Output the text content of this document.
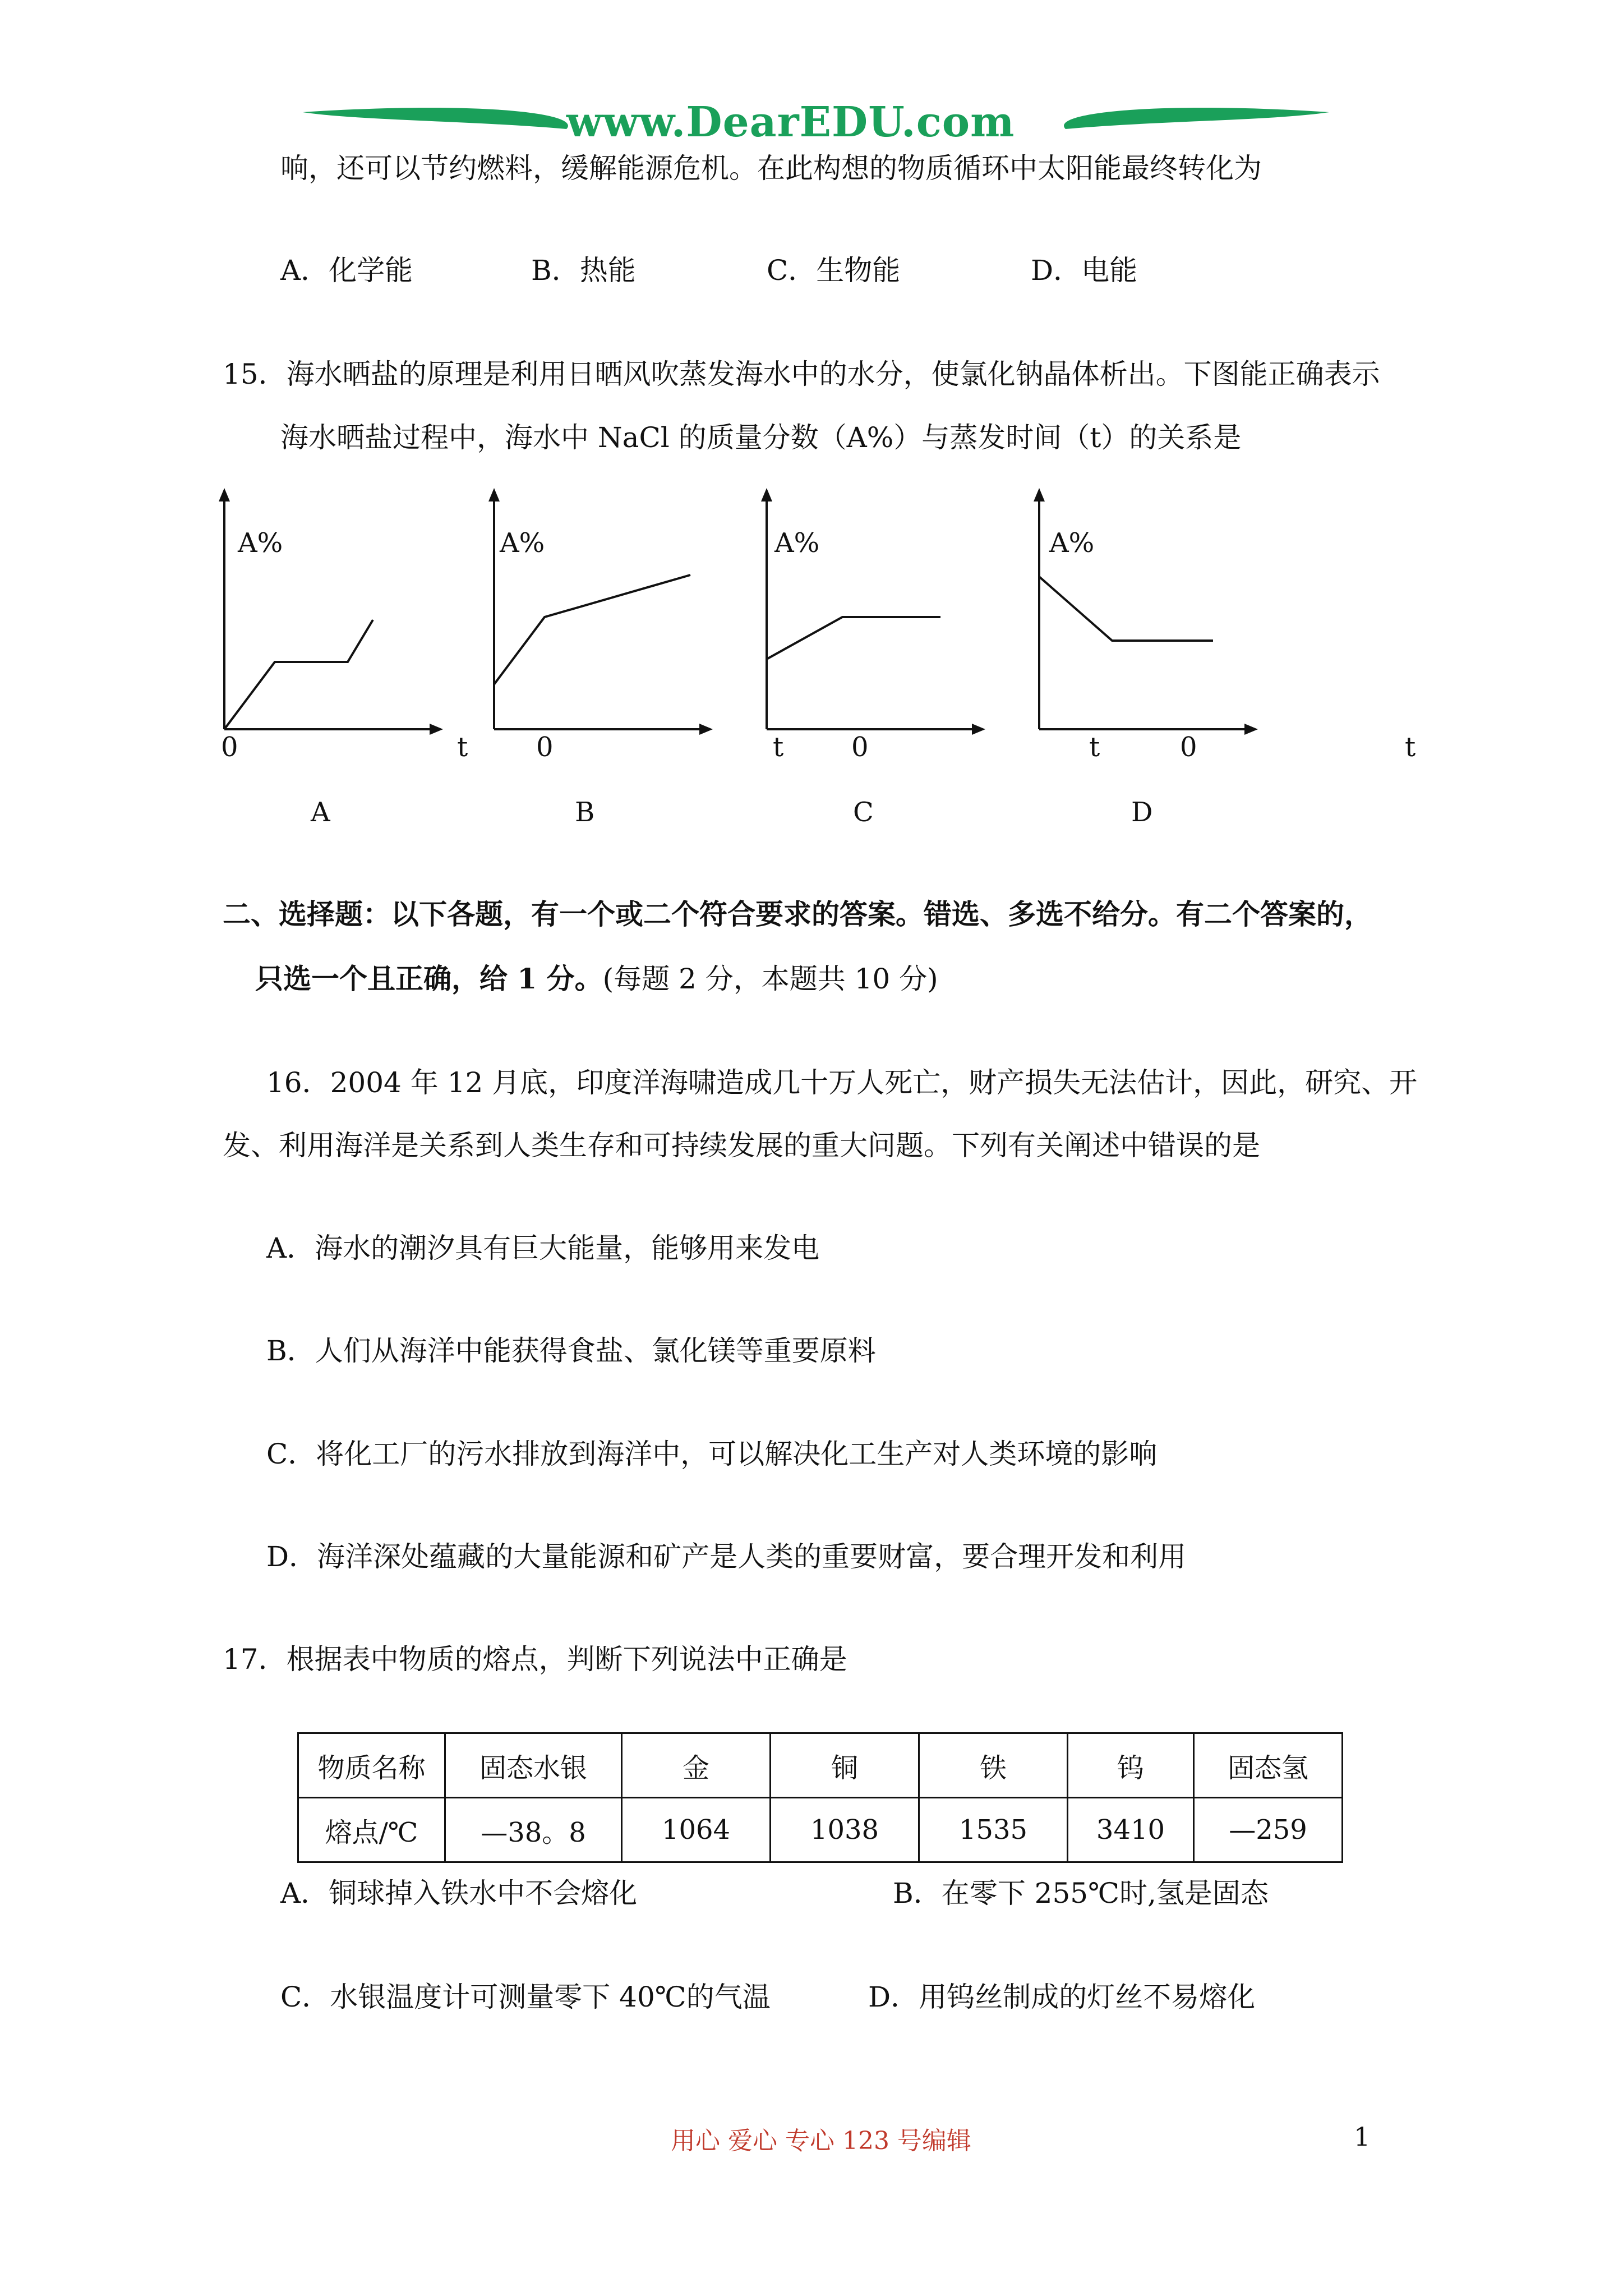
www.DearEDU.com
响，还可以节约燃料，缓解能源危机。在此构想的物质循环中太阳能最终转化为
A．化学能	B．热能	C．生物能	D．电能
15．海水晒盐的原理是利用日晒风吹蒸发海水中的水分，使氯化钠晶体析出。下图能正确表示
海水晒盐过程中，海水中 NaCl 的质量分数（A%）与蒸发时间（t）的关系是
A%	A%	A%	A%
0	t	0	t	0	t	0	t
A	B	C	D
二、选择题：以下各题，有一个或二个符合要求的答案。错选、多选不给分。有二个答案的，
只选一个且正确，给 1 分。(每题 2 分，本题共 10 分)
16．2004 年 12 月底，印度洋海啸造成几十万人死亡，财产损失无法估计，因此，研究、开
发、利用海洋是关系到人类生存和可持续发展的重大问题。下列有关阐述中错误的是
A．海水的潮汐具有巨大能量，能够用来发电
B．人们从海洋中能获得食盐、氯化镁等重要原料
C．将化工厂的污水排放到海洋中，可以解决化工生产对人类环境的影响
D．海洋深处蕴藏的大量能源和矿产是人类的重要财富，要合理开发和利用
17．根据表中物质的熔点，判断下列说法中正确是
物质名称	固态水银	金	铜	铁	钨	固态氢
熔点/℃	—38。8	1064	1038	1535	3410	—259
A．铜球掉入铁水中不会熔化	B．在零下 255℃时,氢是固态
C．水银温度计可测量零下 40℃的气温	D．用钨丝制成的灯丝不易熔化
用心 爱心 专心 123 号编辑	1
